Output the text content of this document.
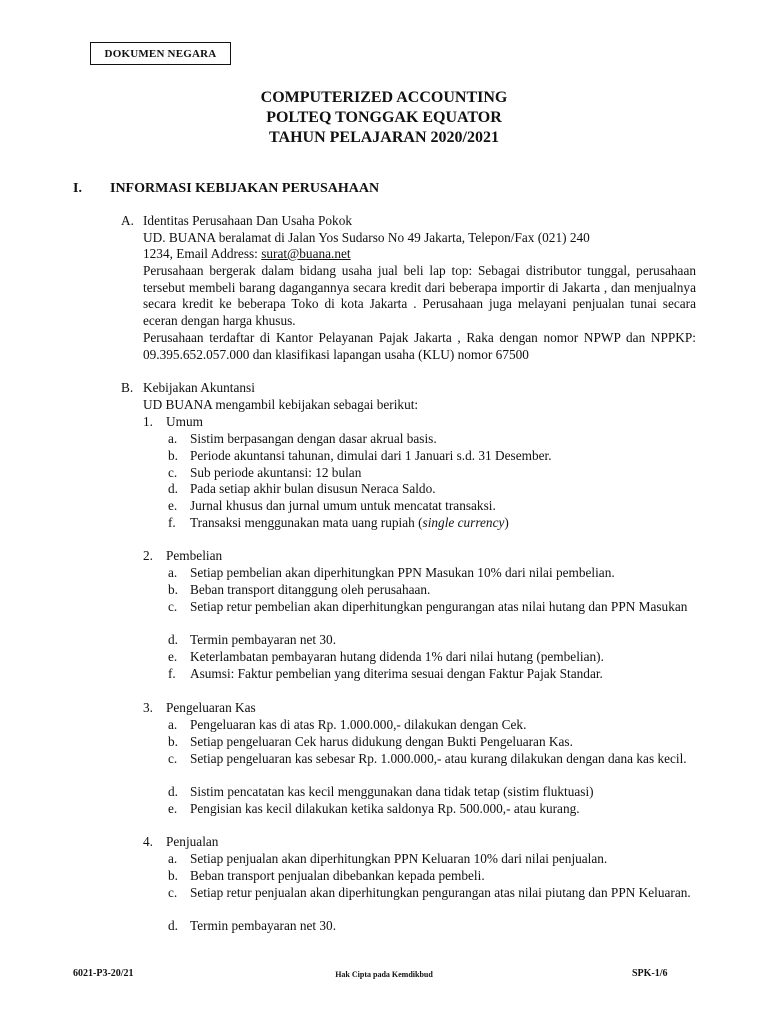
DOKUMEN NEGARA
COMPUTERIZED ACCOUNTING
POLTEQ TONGGAK EQUATOR
TAHUN PELAJARAN 2020/2021
I. INFORMASI KEBIJAKAN PERUSAHAAN
A. Identitas Perusahaan Dan Usaha Pokok
UD. BUANA beralamat di Jalan Yos Sudarso No 49 Jakarta, Telepon/Fax (021) 240
1234, Email Address: surat@buana.net
Perusahaan bergerak dalam bidang usaha jual beli lap top: Sebagai distributor tunggal, perusahaan tersebut membeli barang dagangannya secara kredit dari beberapa importir di Jakarta , dan menjualnya secara kredit ke beberapa Toko di kota Jakarta . Perusahaan juga melayani penjualan tunai secara eceran dengan harga khusus.
Perusahaan terdaftar di Kantor Pelayanan Pajak Jakarta , Raka dengan nomor NPWP dan NPPKP: 09.395.652.057.000 dan klasifikasi lapangan usaha (KLU) nomor 67500
B. Kebijakan Akuntansi
UD BUANA mengambil kebijakan sebagai berikut:
1. Umum
a. Sistim berpasangan dengan dasar akrual basis.
b. Periode akuntansi tahunan, dimulai dari 1 Januari s.d. 31 Desember.
c. Sub periode akuntansi: 12 bulan
d. Pada setiap akhir bulan disusun Neraca Saldo.
e. Jurnal khusus dan jurnal umum untuk mencatat transaksi.
f. Transaksi menggunakan mata uang rupiah (single currency)
2. Pembelian
a. Setiap pembelian akan diperhitungkan PPN Masukan 10% dari nilai pembelian.
b. Beban transport ditanggung oleh perusahaan.
c. Setiap retur pembelian akan diperhitungkan pengurangan atas nilai hutang dan PPN Masukan
d. Termin pembayaran net 30.
e. Keterlambatan pembayaran hutang didenda 1% dari nilai hutang (pembelian).
f. Asumsi: Faktur pembelian yang diterima sesuai dengan Faktur Pajak Standar.
3. Pengeluaran Kas
a. Pengeluaran kas di atas Rp. 1.000.000,- dilakukan dengan Cek.
b. Setiap pengeluaran Cek harus didukung dengan Bukti Pengeluaran Kas.
c. Setiap pengeluaran kas sebesar Rp. 1.000.000,- atau kurang dilakukan dengan dana kas kecil.
d. Sistim pencatatan kas kecil menggunakan dana tidak tetap (sistim fluktuasi)
e. Pengisian kas kecil dilakukan ketika saldonya Rp. 500.000,- atau kurang.
4. Penjualan
a. Setiap penjualan akan diperhitungkan PPN Keluaran 10% dari nilai penjualan.
b. Beban transport penjualan dibebankan kepada pembeli.
c. Setiap retur penjualan akan diperhitungkan pengurangan atas nilai piutang dan PPN Keluaran.
d. Termin pembayaran net 30.
6021-P3-20/21	Hak Cipta pada Kemdikbud	SPK-1/6
